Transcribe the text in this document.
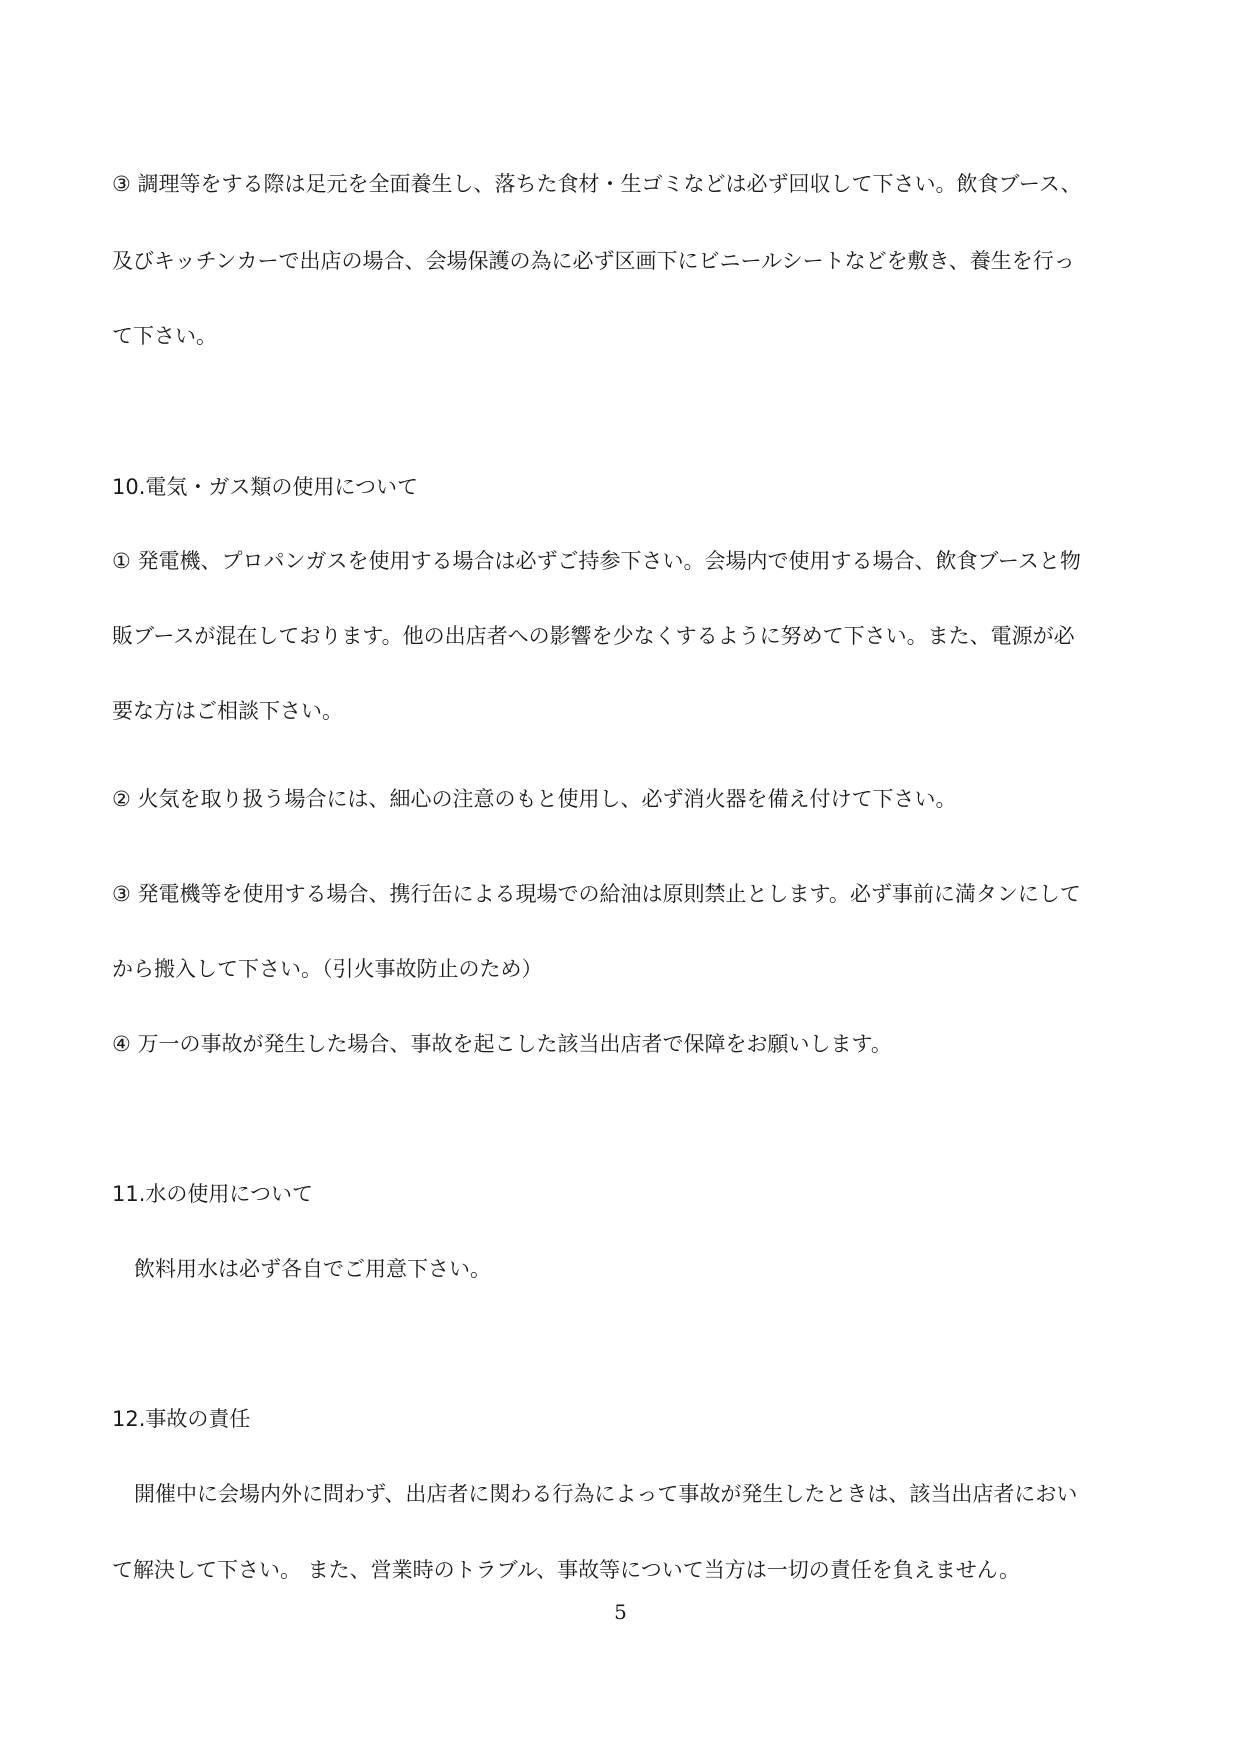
③ 調理等をする際は足元を全面養生し、落ちた食材・生ゴミなどは必ず回収して下さい。飲食ブース、
及びキッチンカーで出店の場合、会場保護の為に必ず区画下にビニールシートなどを敷き、養生を行っ
て下さい。
10.電気・ガス類の使用について
① 発電機、プロパンガスを使用する場合は必ずご持参下さい。会場内で使用する場合、飲食ブースと物
販ブースが混在しております。他の出店者への影響を少なくするように努めて下さい。また、電源が必
要な方はご相談下さい。
② 火気を取り扱う場合には、細心の注意のもと使用し、必ず消火器を備え付けて下さい。
③ 発電機等を使用する場合、携行缶による現場での給油は原則禁止とします。必ず事前に満タンにして
から搬入して下さい。（引火事故防止のため）
④ 万一の事故が発生した場合、事故を起こした該当出店者で保障をお願いします。
11.水の使用について
飲料用水は必ず各自でご用意下さい。
12.事故の責任
開催中に会場内外に問わず、出店者に関わる行為によって事故が発生したときは、該当出店者におい
て解決して下さい。 また、営業時のトラブル、事故等について当方は一切の責任を負えません。
5
